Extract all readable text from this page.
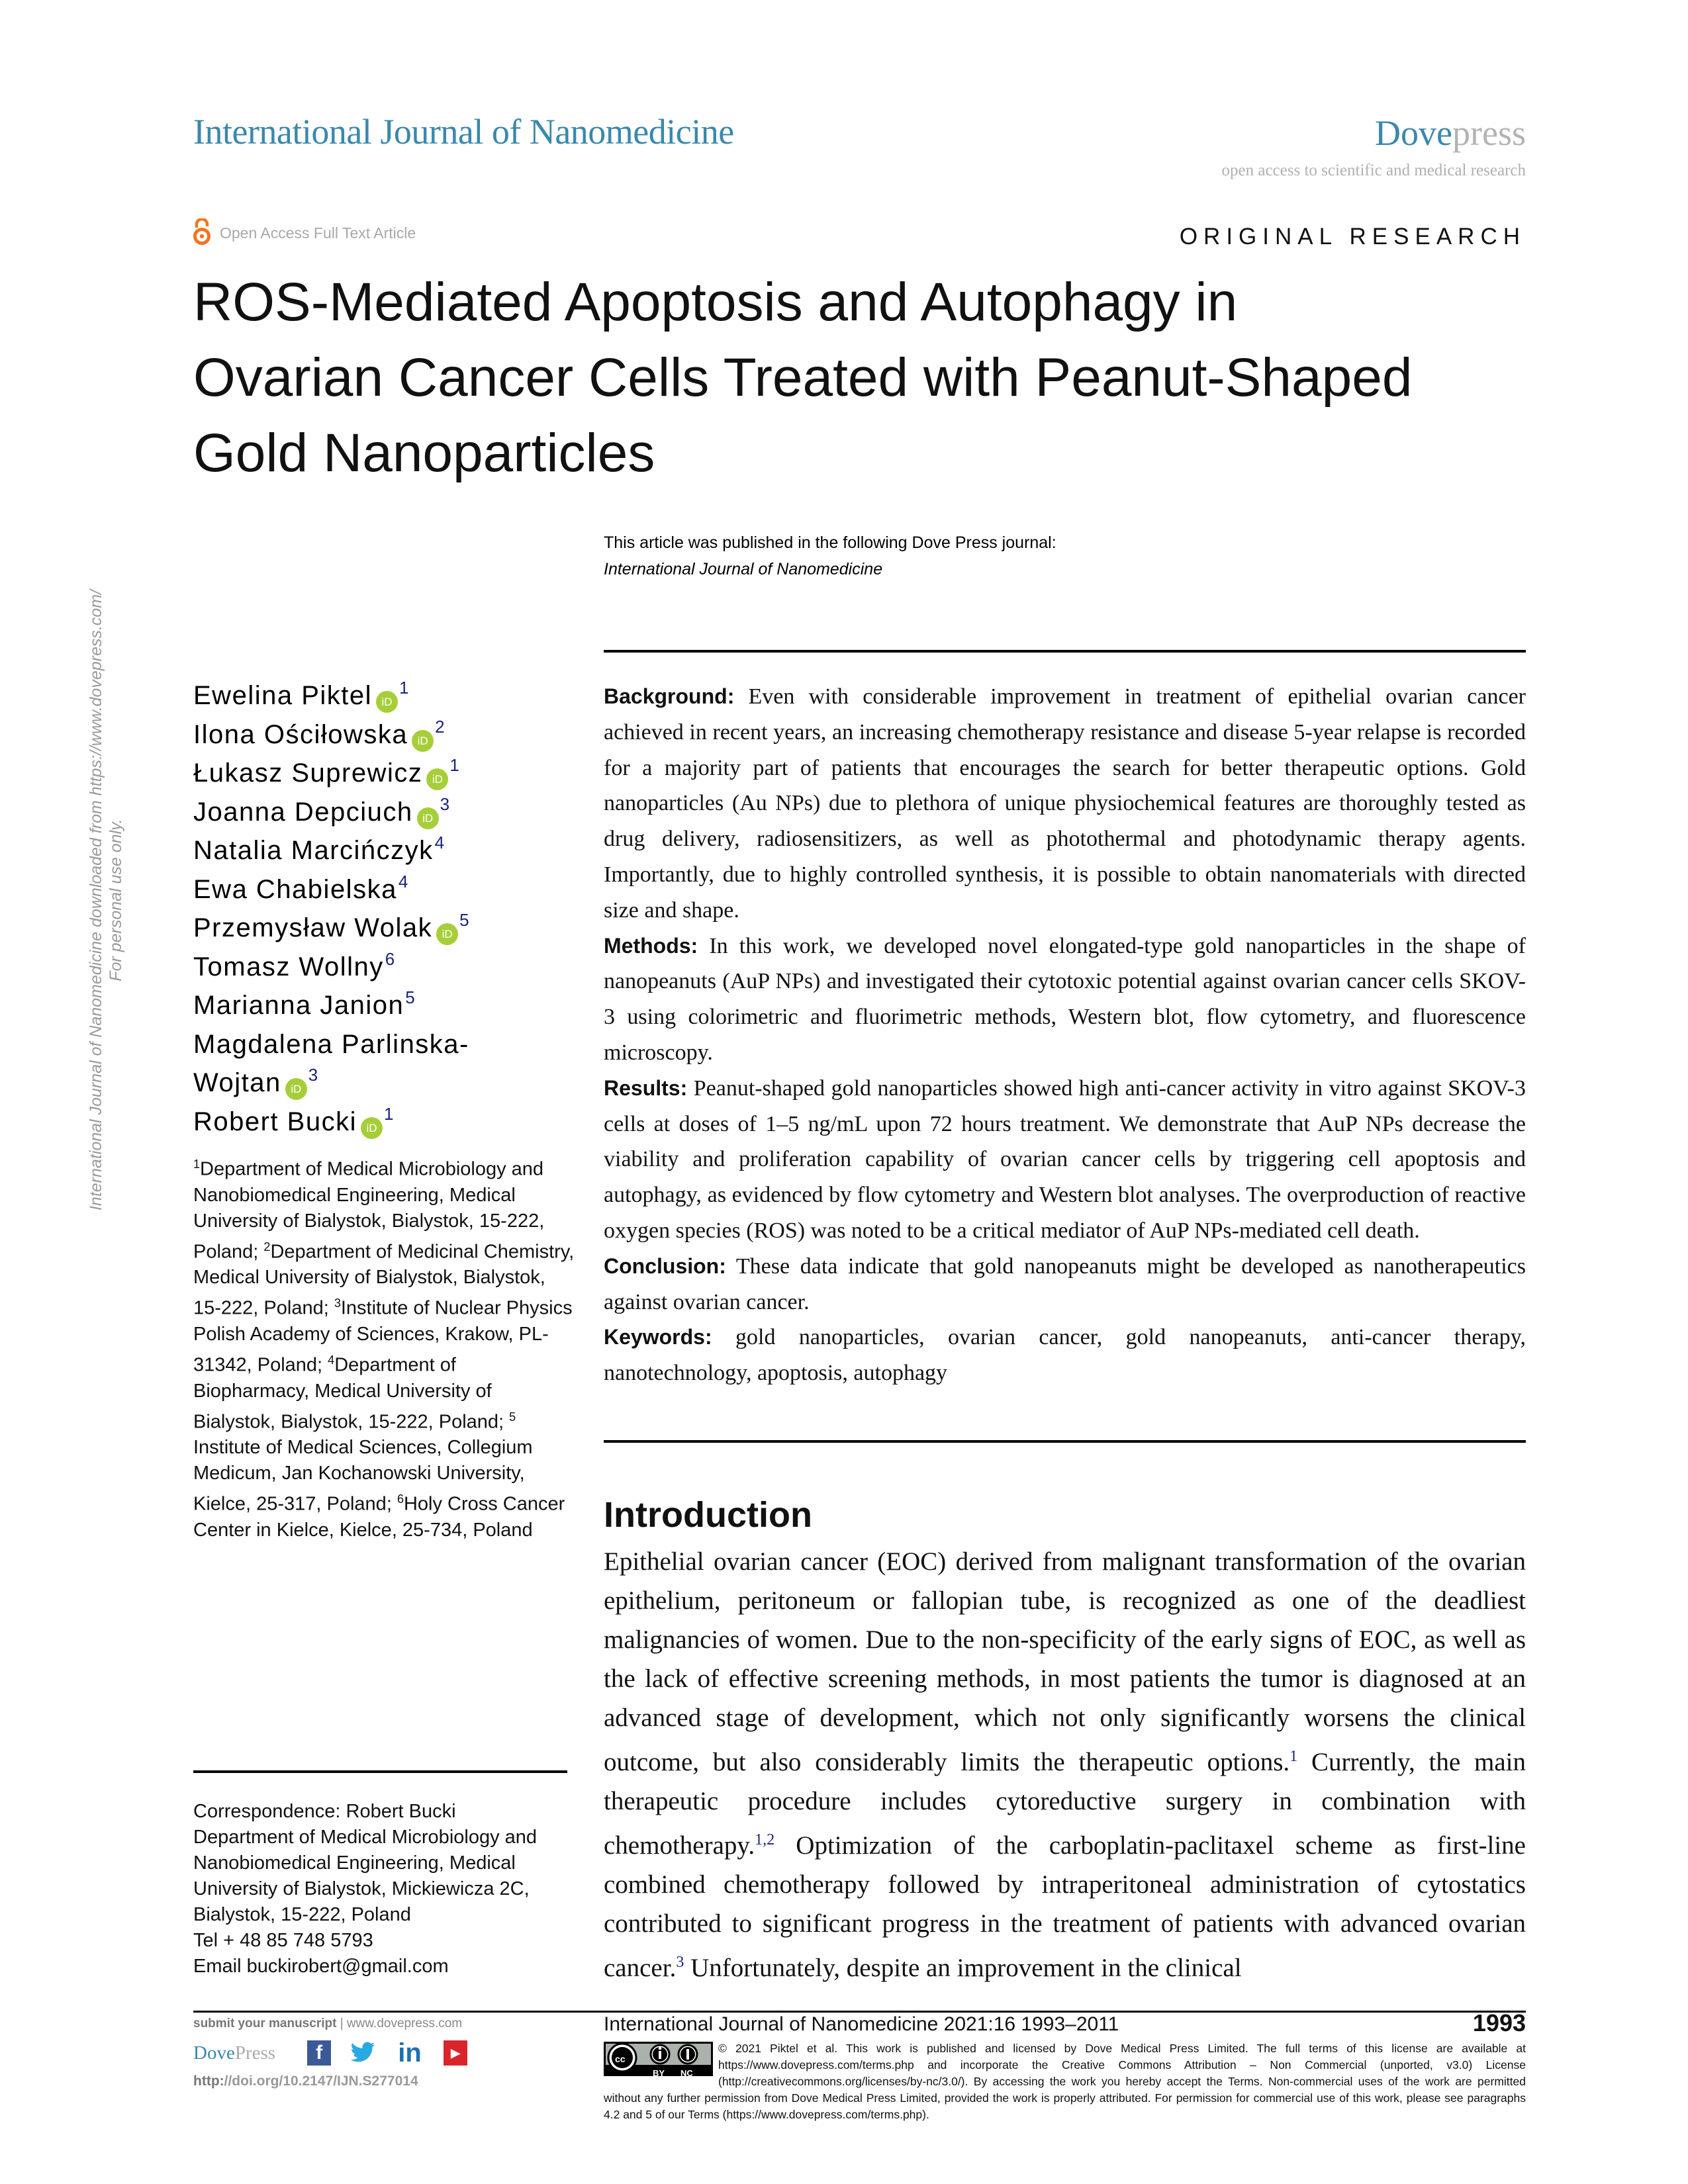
International Journal of Nanomedicine	Dovepress
open access to scientific and medical research
Open Access Full Text Article	ORIGINAL RESEARCH
ROS-Mediated Apoptosis and Autophagy in
Ovarian Cancer Cells Treated with Peanut-Shaped
Gold Nanoparticles
This article was published in the following Dove Press journal:
International Journal of Nanomedicine
International Journal of Nanomedicine downloaded from https://www.dovepress.com/ For personal use only.
Ewelina Piktel iD$^1$
Ilona Ościłowska iD$^2$
Łukasz Suprewicz iD$^1$
Joanna Depciuch iD$^3$
Natalia Marcińczyk$^4$
Ewa Chabielska$^4$
Przemysław Wolak iD$^5$
Tomasz Wollny$^6$
Marianna Janion$^5$
Magdalena Parlinska-
Wojtan iD$^3$
Robert Bucki iD$^1$
$^1$Department of Medical Microbiology and Nanobiomedical Engineering, Medical University of Bialystok, Bialystok, 15-222, Poland; $^2$Department of Medicinal Chemistry, Medical University of Bialystok, Bialystok, 15-222, Poland; $^3$Institute of Nuclear Physics Polish Academy of Sciences, Krakow, PL-31342, Poland; $^4$Department of Biopharmacy, Medical University of Bialystok, Bialystok, 15-222, Poland; $^5$ Institute of Medical Sciences, Collegium Medicum, Jan Kochanowski University, Kielce, 25-317, Poland; $^6$Holy Cross Cancer Center in Kielce, Kielce, 25-734, Poland
Correspondence: Robert Bucki
Department of Medical Microbiology and
Nanobiomedical Engineering, Medical
University of Bialystok, Mickiewicza 2C,
Bialystok, 15-222, Poland
Tel + 48 85 748 5793
Email buckirobert@gmail.com
submit your manuscript | www.dovepress.com
DovePress f	in ▶
http://doi.org/10.2147/IJN.S277014

Background: Even with considerable improvement in treatment of epithelial ovarian cancer achieved in recent years, an increasing chemotherapy resistance and disease 5-year relapse is recorded for a majority part of patients that encourages the search for better therapeutic options. Gold nanoparticles (Au NPs) due to plethora of unique physiochemical features are thoroughly tested as drug delivery, radiosensitizers, as well as photothermal and photodynamic therapy agents. Importantly, due to highly controlled synthesis, it is possible to obtain nanomaterials with directed size and shape.

Methods: In this work, we developed novel elongated-type gold nanoparticles in the shape of nanopeanuts (AuP NPs) and investigated their cytotoxic potential against ovarian cancer cells SKOV-3 using colorimetric and fluorimetric methods, Western blot, flow cytometry, and fluorescence microscopy.

Results: Peanut-shaped gold nanoparticles showed high anti-cancer activity in vitro against SKOV-3 cells at doses of 1–5 ng/mL upon 72 hours treatment. We demonstrate that AuP NPs decrease the viability and proliferation capability of ovarian cancer cells by triggering cell apoptosis and autophagy, as evidenced by flow cytometry and Western blot analyses. The overproduction of reactive oxygen species (ROS) was noted to be a critical mediator of AuP NPs-mediated cell death.

Conclusion: These data indicate that gold nanopeanuts might be developed as nanotherapeutics against ovarian cancer.

Keywords: gold nanoparticles, ovarian cancer, gold nanopeanuts, anti-cancer therapy, nanotechnology, apoptosis, autophagy

Introduction
Epithelial ovarian cancer (EOC) derived from malignant transformation of the ovarian epithelium, peritoneum or fallopian tube, is recognized as one of the deadliest malignancies of women. Due to the non-specificity of the early signs of EOC, as well as the lack of effective screening methods, in most patients the tumor is diagnosed at an advanced stage of development, which not only significantly worsens the clinical outcome, but also considerably limits the therapeutic options.$^1$ Currently, the main therapeutic procedure includes cytoreductive surgery in combination with chemotherapy.$^{1,2}$ Optimization of the carboplatin-paclitaxel scheme as first-line combined chemotherapy followed by intraperitoneal administration of cytostatics contributed to significant progress in the treatment of patients with advanced ovarian cancer.$^3$ Unfortunately, despite an improvement in the clinical
International Journal of Nanomedicine 2021:16 1993–2011	1993
cc
BY NC
© 2021 Piktel et al. This work is published and licensed by Dove Medical Press Limited. The full terms of this license are available at https://www.dovepress.com/terms.php and incorporate the Creative Commons Attribution – Non Commercial (unported, v3.0) License (http://creativecommons.org/licenses/by-nc/3.0/). By accessing the work you hereby accept the Terms. Non-commercial uses of the work are permitted without any further permission from Dove Medical Press Limited, provided the work is properly attributed. For permission for commercial use of this work, please see paragraphs 4.2 and 5 of our Terms (https://www.dovepress.com/terms.php).
